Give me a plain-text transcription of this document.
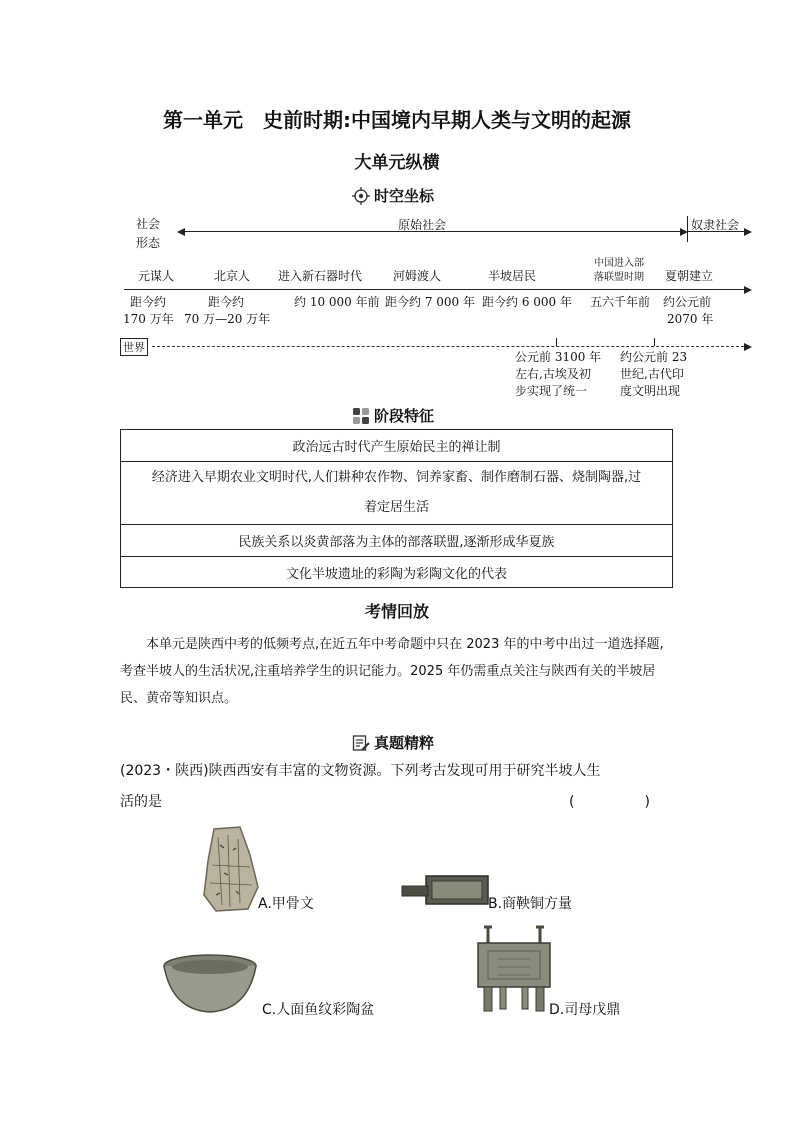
第一单元　史前时期:中国境内早期人类与文明的起源
大单元纵横
时空坐标
社会
形态
原始社会	奴隶社会
元谋人	北京人 进入新石器时代	河姆渡人	半坡居民
中国进入部
落联盟时期 夏朝建立
距今约
170 万年
距今约
70 万—20 万年
约 10 000 年前 距今约 7 000 年 距今约 6 000 年 五六千年前 约公元前
2070 年
世界
公元前 3100 年
左右,古埃及初
步实现了统一
约公元前 23
世纪,古代印
度文明出现
阶段特征
政治远古时代产生原始民主的禅让制
经济进入早期农业文明时代,人们耕种农作物、饲养家畜、制作磨制石器、烧制陶器,过
着定居生活
民族关系以炎黄部落为主体的部落联盟,逐渐形成华夏族
文化半坡遗址的彩陶为彩陶文化的代表
考情回放
本单元是陕西中考的低频考点,在近五年中考命题中只在 2023 年的中考中出过一道选择题,考查半坡人的生活状况,注重培养学生的识记能力。2025 年仍需重点关注与陕西有关的半坡居民、黄帝等知识点。
真题精粹
(2023・陕西)陕西西安有丰富的文物资源。下列考古发现可用于研究半坡人生
活的是	(　　　　　)
A.甲骨文	B.商鞅铜方量
C.人面鱼纹彩陶盆	D.司母戊鼎
